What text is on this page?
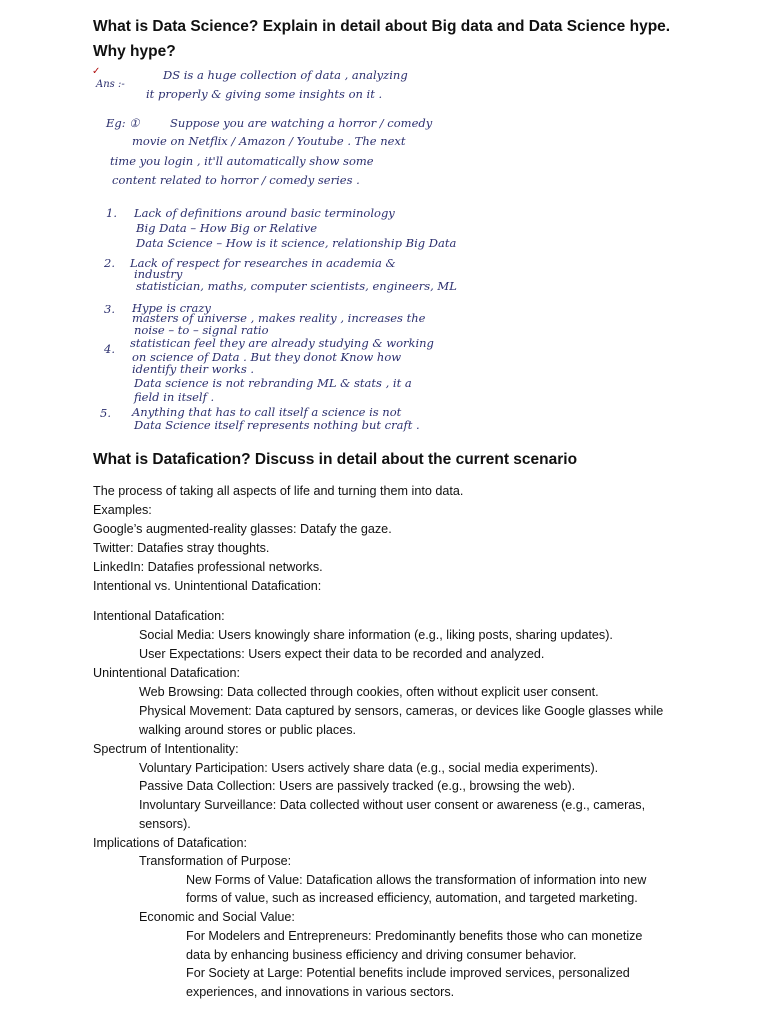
What is Data Science? Explain in detail about Big data and Data Science hype.
Why hype?
✓
Ans :-
DS is a huge collection of data , analyzing
it properly & giving some insights on it .
Eg: ①	Suppose you are watching a horror / comedy
movie on Netflix / Amazon / Youtube . The next
time you login , it'll automatically show some
content related to horror / comedy series .
1. Lack of definitions around basic terminology
Big Data – How Big or Relative
Data Science – How is it science, relationship Big Data
2. Lack of respect for researches in academia &
industry
statistician, maths, computer scientists, engineers, ML
3. Hype is crazy
masters of universe , makes reality , increases the
noise – to – signal ratio
4. statistican feel they are already studying & working
on science of Data . But they donot Know how
identify their works .
Data science is not rebranding ML & stats , it a
field in itself .
5. Anything that has to call itself a science is not
Data Science itself represents nothing but craft .
What is Datafication? Discuss in detail about the current scenario
The process of taking all aspects of life and turning them into data.
Examples:
Google’s augmented-reality glasses: Datafy the gaze.
Twitter: Datafies stray thoughts.
LinkedIn: Datafies professional networks.
Intentional vs. Unintentional Datafication:
Intentional Datafication:
Social Media: Users knowingly share information (e.g., liking posts, sharing updates).
User Expectations: Users expect their data to be recorded and analyzed.
Unintentional Datafication:
Web Browsing: Data collected through cookies, often without explicit user consent.
Physical Movement: Data captured by sensors, cameras, or devices like Google glasses while
walking around stores or public places.
Spectrum of Intentionality:
Voluntary Participation: Users actively share data (e.g., social media experiments).
Passive Data Collection: Users are passively tracked (e.g., browsing the web).
Involuntary Surveillance: Data collected without user consent or awareness (e.g., cameras,
sensors).
Implications of Datafication:
Transformation of Purpose:
New Forms of Value: Datafication allows the transformation of information into new
forms of value, such as increased efficiency, automation, and targeted marketing.
Economic and Social Value:
For Modelers and Entrepreneurs: Predominantly benefits those who can monetize
data by enhancing business efficiency and driving consumer behavior.
For Society at Large: Potential benefits include improved services, personalized
experiences, and innovations in various sectors.
